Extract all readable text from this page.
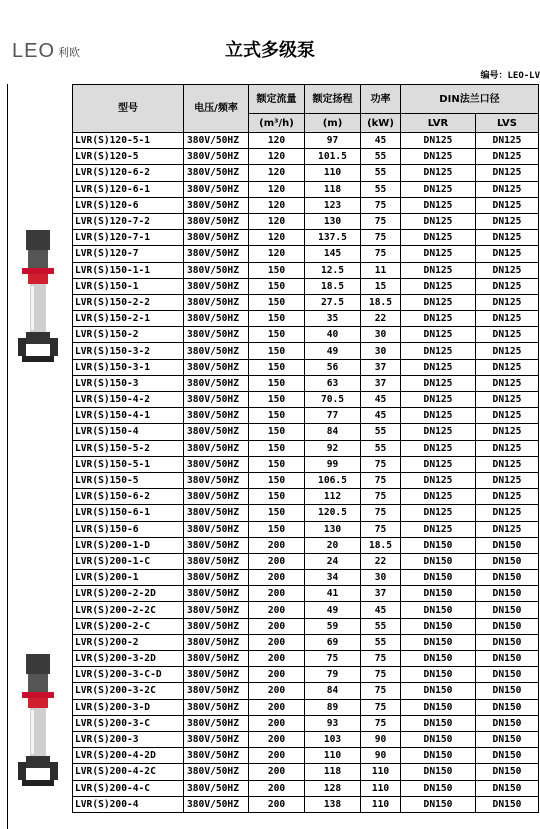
LEO 利欧	立式多级泵
编号：LEO-LV
型号	电压/频率	额定流量	额定扬程	功率	DIN法兰口径	
		(m³/h)	(m)	(kW)	LVR	LVS
LVR(S)120-5-1	380V/50HZ	120	97	45	DN125	DN125
LVR(S)120-5	380V/50HZ	120	101.5	55	DN125	DN125
LVR(S)120-6-2	380V/50HZ	120	110	55	DN125	DN125
LVR(S)120-6-1	380V/50HZ	120	118	55	DN125	DN125
LVR(S)120-6	380V/50HZ	120	123	75	DN125	DN125
LVR(S)120-7-2	380V/50HZ	120	130	75	DN125	DN125
LVR(S)120-7-1	380V/50HZ	120	137.5	75	DN125	DN125
LVR(S)120-7	380V/50HZ	120	145	75	DN125	DN125
LVR(S)150-1-1	380V/50HZ	150	12.5	11	DN125	DN125
LVR(S)150-1	380V/50HZ	150	18.5	15	DN125	DN125
LVR(S)150-2-2	380V/50HZ	150	27.5	18.5	DN125	DN125
LVR(S)150-2-1	380V/50HZ	150	35	22	DN125	DN125
LVR(S)150-2	380V/50HZ	150	40	30	DN125	DN125
LVR(S)150-3-2	380V/50HZ	150	49	30	DN125	DN125
LVR(S)150-3-1	380V/50HZ	150	56	37	DN125	DN125
LVR(S)150-3	380V/50HZ	150	63	37	DN125	DN125
LVR(S)150-4-2	380V/50HZ	150	70.5	45	DN125	DN125
LVR(S)150-4-1	380V/50HZ	150	77	45	DN125	DN125
LVR(S)150-4	380V/50HZ	150	84	55	DN125	DN125
LVR(S)150-5-2	380V/50HZ	150	92	55	DN125	DN125
LVR(S)150-5-1	380V/50HZ	150	99	75	DN125	DN125
LVR(S)150-5	380V/50HZ	150	106.5	75	DN125	DN125
LVR(S)150-6-2	380V/50HZ	150	112	75	DN125	DN125
LVR(S)150-6-1	380V/50HZ	150	120.5	75	DN125	DN125
LVR(S)150-6	380V/50HZ	150	130	75	DN125	DN125
LVR(S)200-1-D	380V/50HZ	200	20	18.5	DN150	DN150
LVR(S)200-1-C	380V/50HZ	200	24	22	DN150	DN150
LVR(S)200-1	380V/50HZ	200	34	30	DN150	DN150
LVR(S)200-2-2D	380V/50HZ	200	41	37	DN150	DN150
LVR(S)200-2-2C	380V/50HZ	200	49	45	DN150	DN150
LVR(S)200-2-C	380V/50HZ	200	59	55	DN150	DN150
LVR(S)200-2	380V/50HZ	200	69	55	DN150	DN150
LVR(S)200-3-2D	380V/50HZ	200	75	75	DN150	DN150
LVR(S)200-3-C-D	380V/50HZ	200	79	75	DN150	DN150
LVR(S)200-3-2C	380V/50HZ	200	84	75	DN150	DN150
LVR(S)200-3-D	380V/50HZ	200	89	75	DN150	DN150
LVR(S)200-3-C	380V/50HZ	200	93	75	DN150	DN150
LVR(S)200-3	380V/50HZ	200	103	90	DN150	DN150
LVR(S)200-4-2D	380V/50HZ	200	110	90	DN150	DN150
LVR(S)200-4-2C	380V/50HZ	200	118	110	DN150	DN150
LVR(S)200-4-C	380V/50HZ	200	128	110	DN150	DN150
LVR(S)200-4	380V/50HZ	200	138	110	DN150	DN150
